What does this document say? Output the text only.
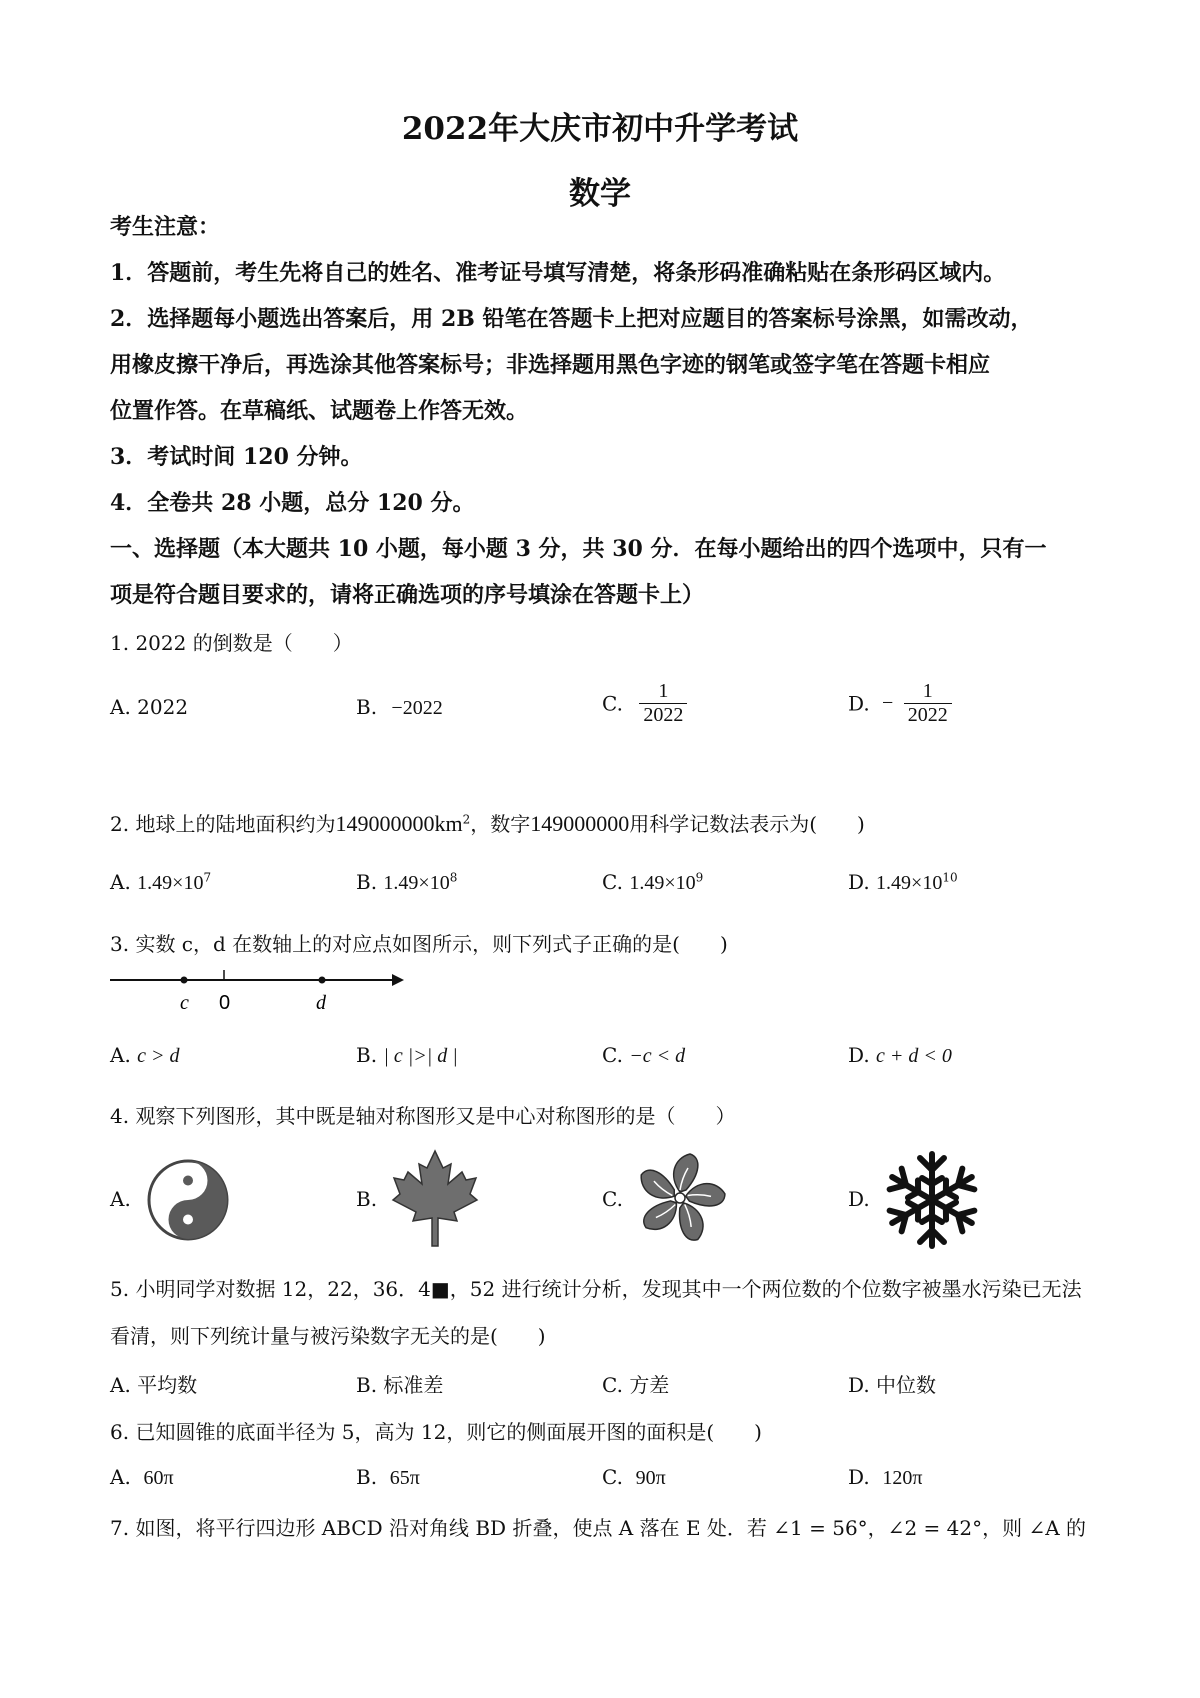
2022年大庆市初中升学考试
数学
考生注意：
1．答题前，考生先将自己的姓名、准考证号填写清楚，将条形码准确粘贴在条形码区域内。
2．选择题每小题选出答案后，用 2B 铅笔在答题卡上把对应题目的答案标号涂黑，如需改动，
用橡皮擦干净后，再选涂其他答案标号；非选择题用黑色字迹的钢笔或签字笔在答题卡相应
位置作答。在草稿纸、试题卷上作答无效。
3．考试时间 120 分钟。
4．全卷共 28 小题，总分 120 分。
一、选择题（本大题共 10 小题，每小题 3 分，共 30 分．在每小题给出的四个选项中，只有一
项是符合题目要求的，请将正确选项的序号填涂在答题卡上）
1. 2022 的倒数是（　　）
A. 2022	B. −2022	C. $\frac{1}{2022}$	D. − $\frac{1}{2022}$
2. 地球上的陆地面积约为$149000000km^2$，数字149000000用科学记数法表示为(　　)
A. $1.49\times 10^7$	B. $1.49\times 10^8$	C. $1.49\times 10^9$	D. $1.49\times 10^{10}$
3. 实数 c，d 在数轴上的对应点如图所示，则下列式子正确的是(　　)
c 0	d
A. c > d	B. | c |>| d |	C. −c < d	D. c + d < 0
4. 观察下列图形，其中既是轴对称图形又是中心对称图形的是（　　）
A.	B.	C.	D.
5. 小明同学对数据 12，22，36．4■，52 进行统计分析，发现其中一个两位数的个位数字被墨水污染已无法
看清，则下列统计量与被污染数字无关的是(　　)
A. 平均数	B. 标准差	C. 方差	D. 中位数
6. 已知圆锥的底面半径为 5，高为 12，则它的侧面展开图的面积是(　　)
A. 60π	B. 65π	C. 90π	D. 120π
7. 如图，将平行四边形 ABCD 沿对角线 BD 折叠，使点 A 落在 E 处．若 ∠1 = 56°，∠2 = 42°，则 ∠A 的
